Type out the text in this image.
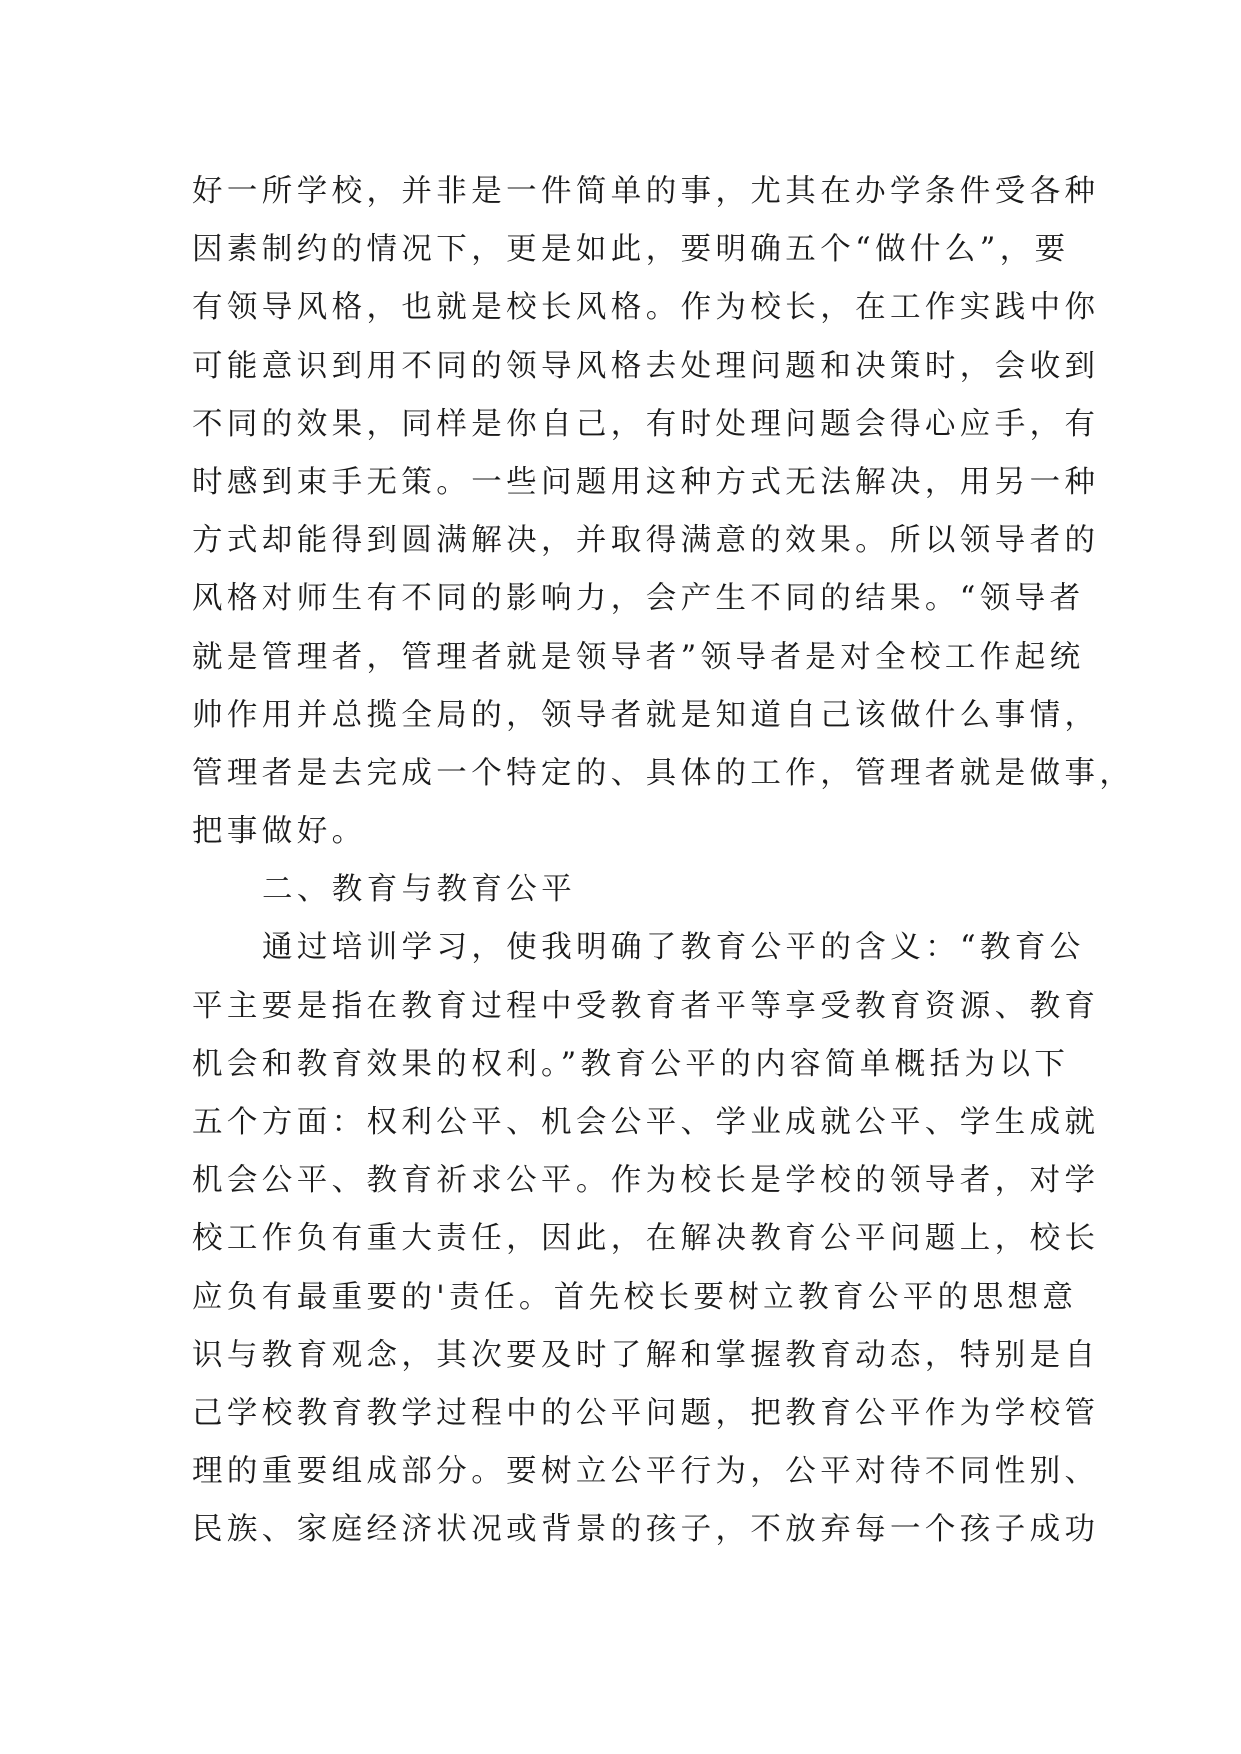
好一所学校，并非是一件简单的事，尤其在办学条件受各种
因素制约的情况下，更是如此，要明确五个“做什么”，要
有领导风格，也就是校长风格。作为校长，在工作实践中你
可能意识到用不同的领导风格去处理问题和决策时，会收到
不同的效果，同样是你自己，有时处理问题会得心应手，有
时感到束手无策。一些问题用这种方式无法解决，用另一种
方式却能得到圆满解决，并取得满意的效果。所以领导者的
风格对师生有不同的影响力，会产生不同的结果。“领导者
就是管理者，管理者就是领导者”领导者是对全校工作起统
帅作用并总揽全局的，领导者就是知道自己该做什么事情，
管理者是去完成一个特定的、具体的工作，管理者就是做事，
把事做好。
二、教育与教育公平
通过培训学习，使我明确了教育公平的含义：“教育公
平主要是指在教育过程中受教育者平等享受教育资源、教育
机会和教育效果的权利。”教育公平的内容简单概括为以下
五个方面：权利公平、机会公平、学业成就公平、学生成就
机会公平、教育祈求公平。作为校长是学校的领导者，对学
校工作负有重大责任，因此，在解决教育公平问题上，校长
应负有最重要的'责任。首先校长要树立教育公平的思想意
识与教育观念，其次要及时了解和掌握教育动态，特别是自
己学校教育教学过程中的公平问题，把教育公平作为学校管
理的重要组成部分。要树立公平行为，公平对待不同性别、
民族、家庭经济状况或背景的孩子，不放弃每一个孩子成功
